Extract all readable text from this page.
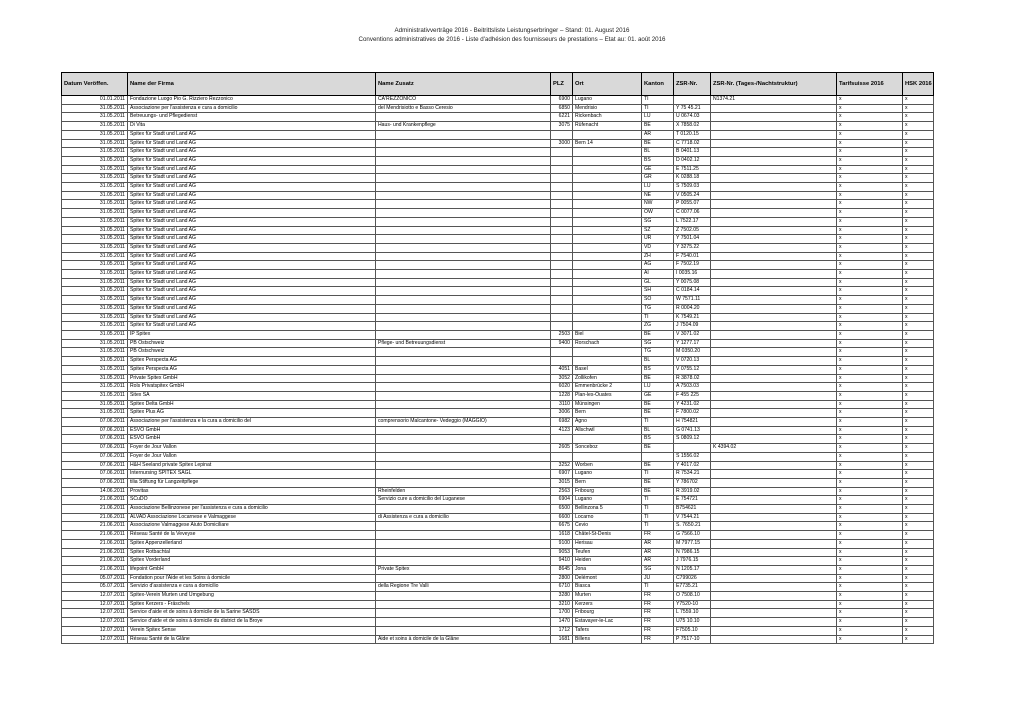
Administrativverträge 2016 - Beitrittsliste Leistungserbringer – Stand: 01. August 2016
Conventions administratives de 2016 - Liste d'adhésion des fournisseurs de prestations – Etat au: 01. août 2016
Datum Veröffen.	Name der Firma	Name Zusatz	PLZ	Ort	Kanton	ZSR-Nr.	ZSR-Nr. (Tages-/Nachtstruktur)	Tarifsuisse 2016	HSK 2016
01.01.2011	Fondazione Luogo Pio G. Rizziero Rezzonico	CA'REZZONICO	6900	Lugano	TI		N1374.21	x	x
31.05.2011	Associazione per l'assistenza e cura a domicilio	del Mendrisiotto e Basso Ceresio	6850	Mendrisio	TI	Y 75 45.21		x	x
31.05.2011	Betreuungs- und Pflegedienst		6221	Rickenbach	LU	U 0674.03		x	x
31.05.2011	Di Vita	Haus- und Krankenpflege	3075	Rüfenacht	BE	X 7858.02		x	x
31.05.2011	Spitex für Stadt und Land AG				AR	T 0120.15		x	x
31.05.2011	Spitex für Stadt und Land AG		3000	Bern 14	BE	C 7718.02		x	x
31.05.2011	Spitex für Stadt und Land AG				BL	B 0401.13		x	x
31.05.2011	Spitex für Stadt und Land AG				BS	D 0402.12		x	x
31.05.2011	Spitex für Stadt und Land AG				GE	E 7511.25		x	x
31.05.2011	Spitex für Stadt und Land AG				GR	K 0288.18		x	x
31.05.2011	Spitex für Stadt und Land AG				LU	S 7509.03		x	x
31.05.2011	Spitex für Stadt und Land AG				NE	V 0505.24		x	x
31.05.2011	Spitex für Stadt und Land AG				NW	P 0055.07		x	x
31.05.2011	Spitex für Stadt und Land AG				OW	C 0077.06		x	x
31.05.2011	Spitex für Stadt und Land AG				SG	L 7522.17		x	x
31.05.2011	Spitex für Stadt und Land AG				SZ	Z 7502.05		x	x
31.05.2011	Spitex für Stadt und Land AG				UR	Y 7501.04		x	x
31.05.2011	Spitex für Stadt und Land AG				VD	Y 3275.22		x	x
31.05.2011	Spitex für Stadt und Land AG				ZH	F 7540.01		x	x
31.05.2011	Spitex für Stadt und Land AG				AG	F 7502.19		x	x
31.05.2011	Spitex für Stadt und Land AG				AI	I 0035.16		x	x
31.05.2011	Spitex für Stadt und Land AG				GL	Y 0075.08		x	x
31.05.2011	Spitex für Stadt und Land AG				SH	C 0184.14		x	x
31.05.2011	Spitex für Stadt und Land AG				SO	W 7571.11		x	x
31.05.2011	Spitex für Stadt und Land AG				TG	R 0004.20		x	x
31.05.2011	Spitex für Stadt und Land AG				TI	K 7549.21		x	x
31.05.2011	Spitex für Stadt und Land AG				ZG	J 7504.09		x	x
31.05.2011	IP Spitex		2503	Biel	BE	V 3071.02		x	x
31.05.2011	PB Ostschweiz	Pflege- und Betreuungsdienst	9400	Rorschach	SG	Y 1277.17		x	x
31.05.2011	PB Ostschweiz				TG	M 0350.20		x	x
31.05.2011	Spitex Perspecta AG				BL	V 0720.13		x	x
31.05.2011	Spitex Perspecta AG		4051	Basel	BS	V 0755.12		x	x
31.05.2011	Private Spitex GmbH		3052	Zollikofen	BE	R 3878.02		x	x
31.05.2011	Rols Privatspitex GmbH		6020	Emmenbrücke 2	LU	A 7503.03		x	x
31.05.2011	Sitex SA		1228	Plan-les-Ouates	GE	F 455 225		x	x
31.05.2011	Spitex Delta GmbH		3110	Münsingen	BE	Y 4231.02		x	x
31.05.2011	Spitex Plus AG		3006	Bern	BE	F 7800.02		x	x
07.06.2011	Associazione per l'assistenza e la cura a domicilio del	comprensorio Malcantone- Vedeggio (MAGGIO)	6982	Agno	TI	H 754821		x	x
07.06.2011	ESVO GmbH		4123	Allschwil	BL	G 0741.13		x	x
07.06.2011	ESVO GmbH				BS	S 0809.12		x	x
07.06.2011	Foyer de Jour Vallon		2605	Sonceboz	BE		K 4394.02	x	x
07.06.2011	Foyer de Jour Vallon					S 1556.02		x	x
07.06.2011	H&H Seeland private Spitex Lepinat		3252	Worben	BE	Y 4017.02		x	x
07.06.2011	Internursing SPITEX SAGL		6907	Lugano	TI	R 7534.21		x	x
07.06.2011	tilia Stiftung für Langzeitpflege		3015	Bern	BE	Y 786702		x	x
14.06.2011	Provitas	Rheinfelden	2563	Fribourg	BE	R 3919.02		x	x
21.06.2011	SCuDO	Servizio cure a domicilio del Luganese	6904	Lugano	TI	E 754721		x	x
21.06.2011	Associazione Bellinzonese per l'assistenza e cura a domicilio		6500	Bellinzona 5	TI	B754621		x	x
21.06.2011	ALVAD Associazione Locarnese e Valmaggese	di Assistenza e cura a domicilio	6600	Locarno	TI	V 7544.21		x	x
21.06.2011	Associazione Valmaggese Aiuto Domiciliare		6675	Cevio	TI	S. 7650.21		x	x
21.06.2011	Réseau Santé de la Veveyse		1618	Châtel-St-Denis	FR	G 7566.10		x	x
21.06.2011	Spitex Appenzellerland		9100	Herisau	AR	M 7977.15		x	x
21.06.2011	Spitex Rotbachtal		9053	Teufen	AR	N 7986.15		x	x
21.06.2011	Spitex Vorderland		9410	Heiden	AR	J 7976.15		x	x
21.06.2011	lifepoint GmbH	Private Spitex	8645	Jona	SG	N 1205.17		x	x
05.07.2011	Fondation pour l'Aide et les Soins à domicile		2800	Delémont	JU	C799026		x	x
05.07.2011	Servizio d'assistenza e cura a domicilio	della Regione Tre Valli	6710	Biasca	TI	E7735.21		x	x
12.07.2011	Spitex-Verein Murten und Umgebung		3280	Murten	FR	O 7508.10		x	x
12.07.2011	Spitex Kerzers - Fräschels		3210	Kerzers	FR	Y7520-10		x	x
12.07.2011	Service d'aide et de soins à domicile de la Sarine SASDS		1700	Fribourg	FR	L 7559.10		x	x
12.07.2011	Service d'aide et de soins à domicile du district de la Broye		1470	Estavayer-le-Lac	FR	U75 10.10		x	x
12.07.2011	Verein Spitex Sense		1712	Tafers	FR	F7505.10		x	x
12.07.2011	Réseau Santé de la Glâne	Aide et soins à domicile de la Glâne	1681	Billens	FR	P 7517-10		x	x
